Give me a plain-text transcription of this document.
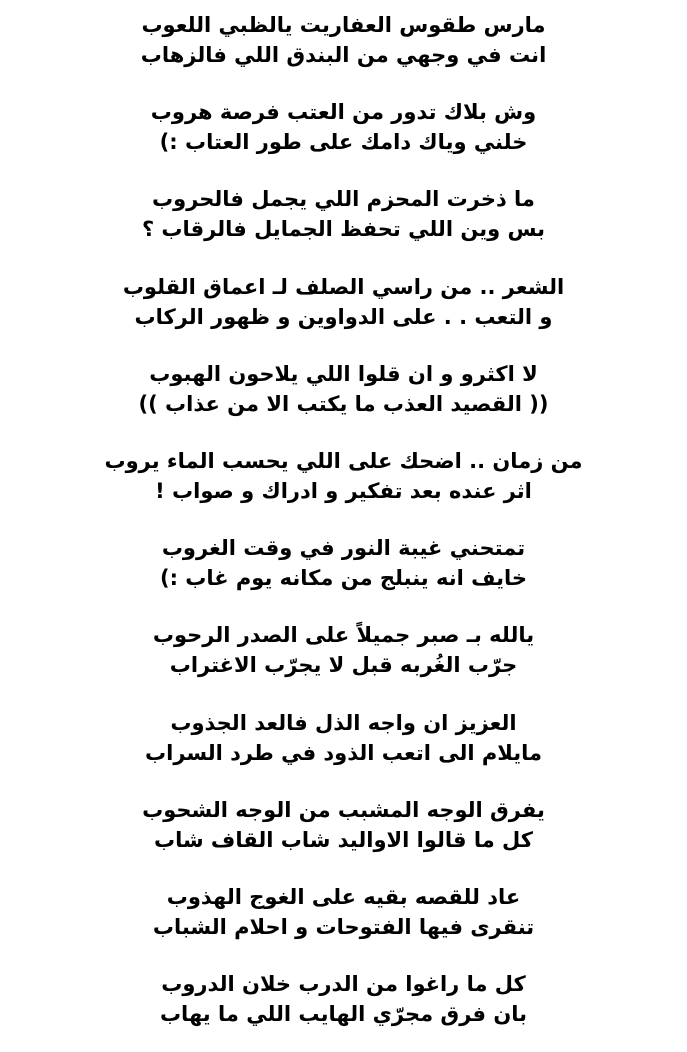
مارس طقوس العفاريت يالظبي اللعوب
انت في وجهي من البندق اللي فالزهاب
وش بلاك تدور من العتب فرصة هروب
خلني وياك دامك على طور العتاب :)
ما ذخرت المحزم اللي يجمل فالحروب
بس وين اللي تحفظ الجمايل فالرقاب ؟
الشعر .. من راسي الصلف لـ اعماق القلوب
و التعب . . على الدواوين و ظهور الركاب
لا اكثرو و ان قلوا اللي يلاحون الهبوب
(( القصيد العذب ما يكتب الا من عذاب ))
من زمان .. اضحك على اللي يحسب الماء يروب
اثر عنده بعد تفكير و ادراك و صواب !
تمتحني غيبة النور في وقت الغروب
خايف انه ينبلج من مكانه يوم غاب :)
يالله بـ صبر جميلاً على الصدر الرحوب
جرّب الغُربه قبل لا يجرّب الاغتراب
العزيز ان واجه الذل فالعد الجذوب
مايلام الى اتعب الذود في طرد السراب
يفرق الوجه المشبب من الوجه الشحوب
كل ما قالوا الاواليد شاب القاف شاب
عاد للقصه بقيه على الغوج الهذوب
تنقرى فيها الفتوحات و احلام الشباب
كل ما راغوا من الدرب خلان الدروب
بان فرق مجرّي الهايب اللي ما يهاب
